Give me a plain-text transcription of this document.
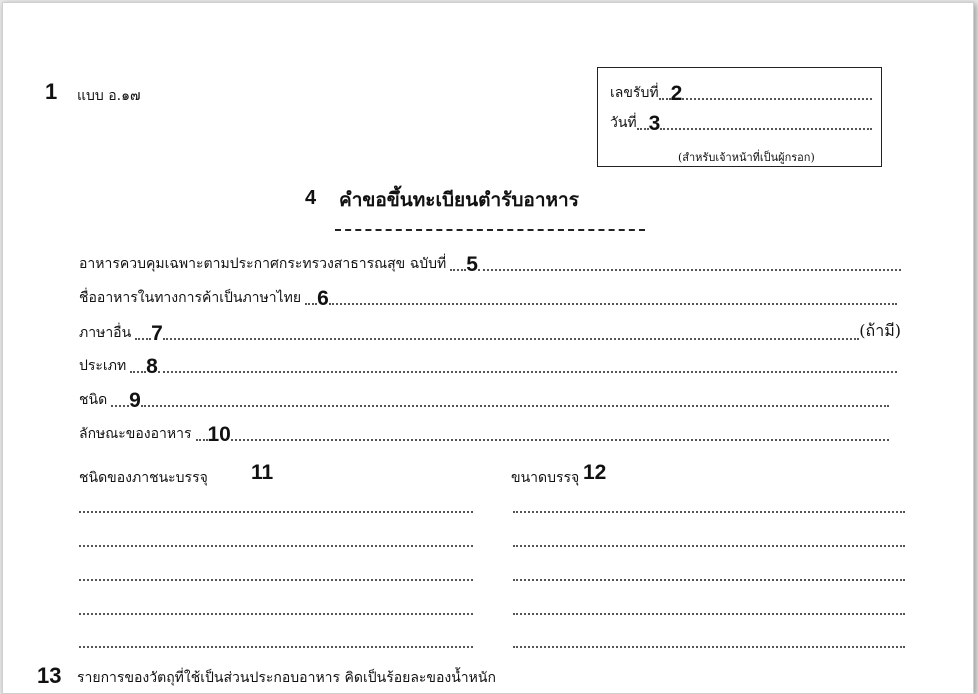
1 แบบ อ.๑๗	เลขรับที่ 2
วันที่ 3
(สำหรับเจ้าหน้าที่เป็นผู้กรอก)
4 คำขอขึ้นทะเบียนตำรับอาหาร
อาหารควบคุมเฉพาะตามประกาศกระทรวงสาธารณสุข ฉบับที่ 5
ชื่ออาหารในทางการค้าเป็นภาษาไทย 6
ภาษาอื่น 7	(ถ้ามี)
ประเภท 8
ชนิด 9
ลักษณะของอาหาร 10
ชนิดของภาชนะบรรจุ 11	ขนาดบรรจุ 12
13 รายการของวัตถุที่ใช้เป็นส่วนประกอบอาหาร คิดเป็นร้อยละของน้ำหนัก
